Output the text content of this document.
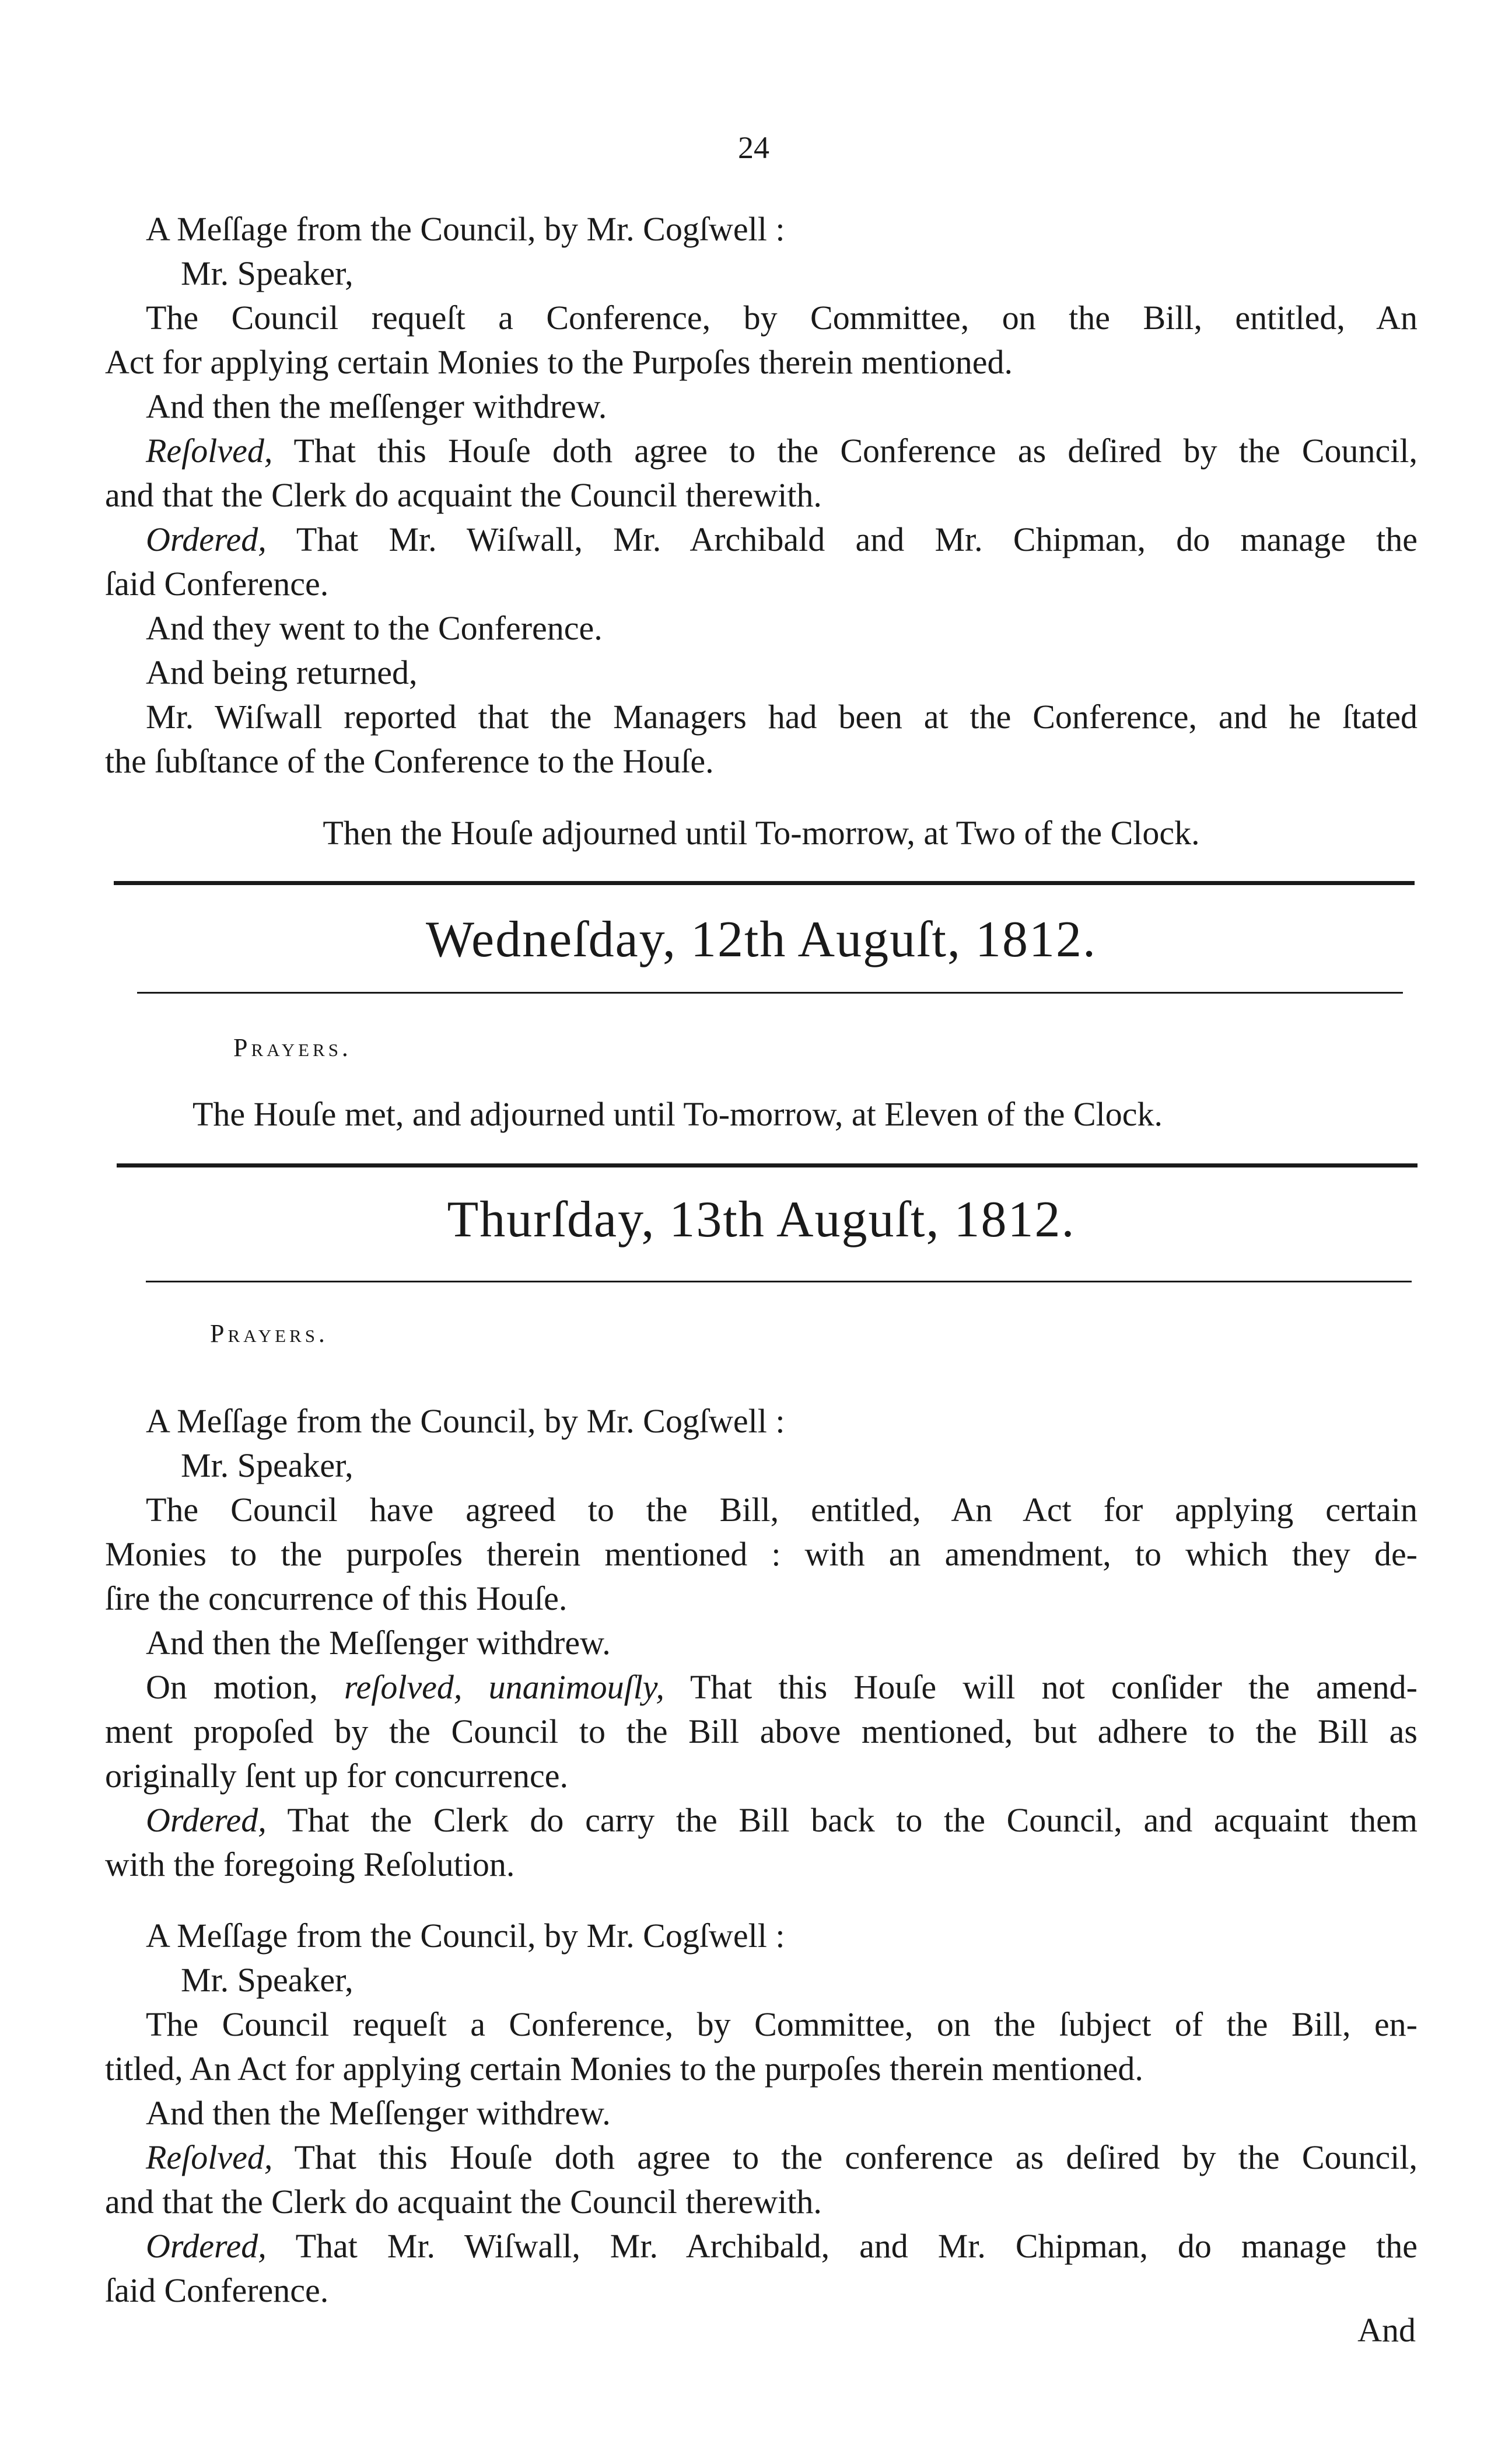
24

A Meſſage from the Council, by Mr. Cogſwell :

Mr. Speaker,

The Council requeſt a Conference, by Committee, on the Bill, entitled, An

Act for applying certain Monies to the Purpoſes therein mentioned.

And then the meſſenger withdrew.

Reſolved, That this Houſe doth agree to the Conference as deſired by the Council,

and that the Clerk do acquaint the Council therewith.

Ordered, That Mr. Wiſwall, Mr. Archibald and Mr. Chipman, do manage the

ſaid Conference.

And they went to the Conference.

And being returned,

Mr. Wiſwall reported that the Managers had been at the Conference, and he ſtated

the ſubſtance of the Conference to the Houſe.

Then the Houſe adjourned until To-morrow, at Two of the Clock.
Wedneſday, 12th Auguſt, 1812.
Prayers.
The Houſe met, and adjourned until To-morrow, at Eleven of the Clock.
Thurſday, 13th Auguſt, 1812.
Prayers.

A Meſſage from the Council, by Mr. Cogſwell :

Mr. Speaker,

The Council have agreed to the Bill, entitled, An Act for applying certain

Monies to the purpoſes therein mentioned : with an amendment, to which they de-

ſire the concurrence of this Houſe.

And then the Meſſenger withdrew.

On motion, reſolved, unanimouſly, That this Houſe will not conſider the amend-

ment propoſed by the Council to the Bill above mentioned, but adhere to the Bill as

originally ſent up for concurrence.

Ordered, That the Clerk do carry the Bill back to the Council, and acquaint them

with the foregoing Reſolution.

A Meſſage from the Council, by Mr. Cogſwell :

Mr. Speaker,

The Council requeſt a Conference, by Committee, on the ſubject of the Bill, en-

titled, An Act for applying certain Monies to the purpoſes therein mentioned.

And then the Meſſenger withdrew.

Reſolved, That this Houſe doth agree to the conference as deſired by the Council,

and that the Clerk do acquaint the Council therewith.

Ordered, That Mr. Wiſwall, Mr. Archibald, and Mr. Chipman, do manage the

ſaid Conference.

And
